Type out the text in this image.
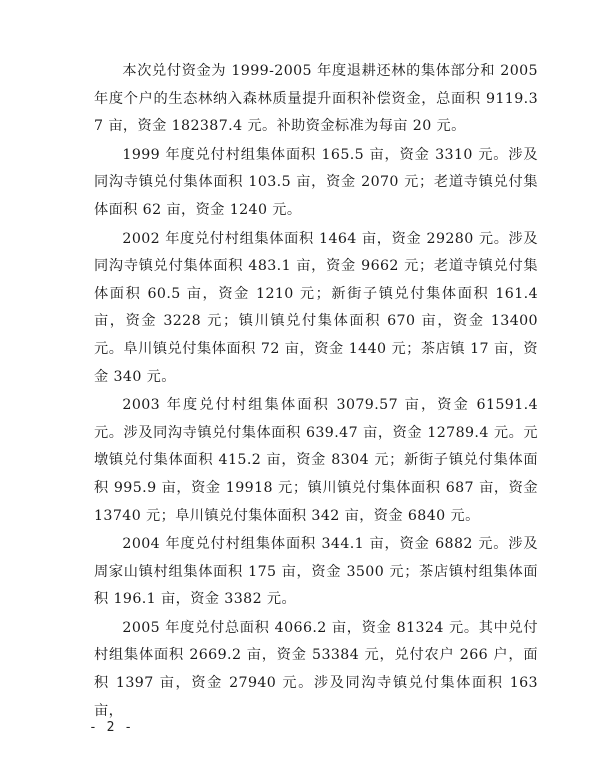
本次兑付资金为 1999-2005 年度退耕还林的集体部分和 2005 年度个户的生态林纳入森林质量提升面积补偿资金，总面积 9119.37 亩，资金 182387.4 元。补助资金标准为每亩 20 元。

1999 年度兑付村组集体面积 165.5 亩，资金 3310 元。涉及同沟寺镇兑付集体面积 103.5 亩，资金 2070 元；老道寺镇兑付集体面积 62 亩，资金 1240 元。

2002 年度兑付村组集体面积 1464 亩，资金 29280 元。涉及同沟寺镇兑付集体面积 483.1 亩，资金 9662 元；老道寺镇兑付集体面积 60.5 亩，资金 1210 元；新街子镇兑付集体面积 161.4 亩，资金 3228 元；镇川镇兑付集体面积 670 亩，资金 13400 元。阜川镇兑付集体面积 72 亩，资金 1440 元；茶店镇 17 亩，资金 340 元。

2003 年度兑付村组集体面积 3079.57 亩，资金 61591.4 元。涉及同沟寺镇兑付集体面积 639.47 亩，资金 12789.4 元。元墩镇兑付集体面积 415.2 亩，资金 8304 元；新街子镇兑付集体面积 995.9 亩，资金 19918 元；镇川镇兑付集体面积 687 亩，资金 13740 元；阜川镇兑付集体面积 342 亩，资金 6840 元。

2004 年度兑付村组集体面积 344.1 亩，资金 6882 元。涉及周家山镇村组集体面积 175 亩，资金 3500 元；茶店镇村组集体面积 196.1 亩，资金 3382 元。

2005 年度兑付总面积 4066.2 亩，资金 81324 元。其中兑付村组集体面积 2669.2 亩，资金 53384 元，兑付农户 266 户，面积 1397 亩，资金 27940 元。涉及同沟寺镇兑付集体面积 163 亩，

- 2 -
